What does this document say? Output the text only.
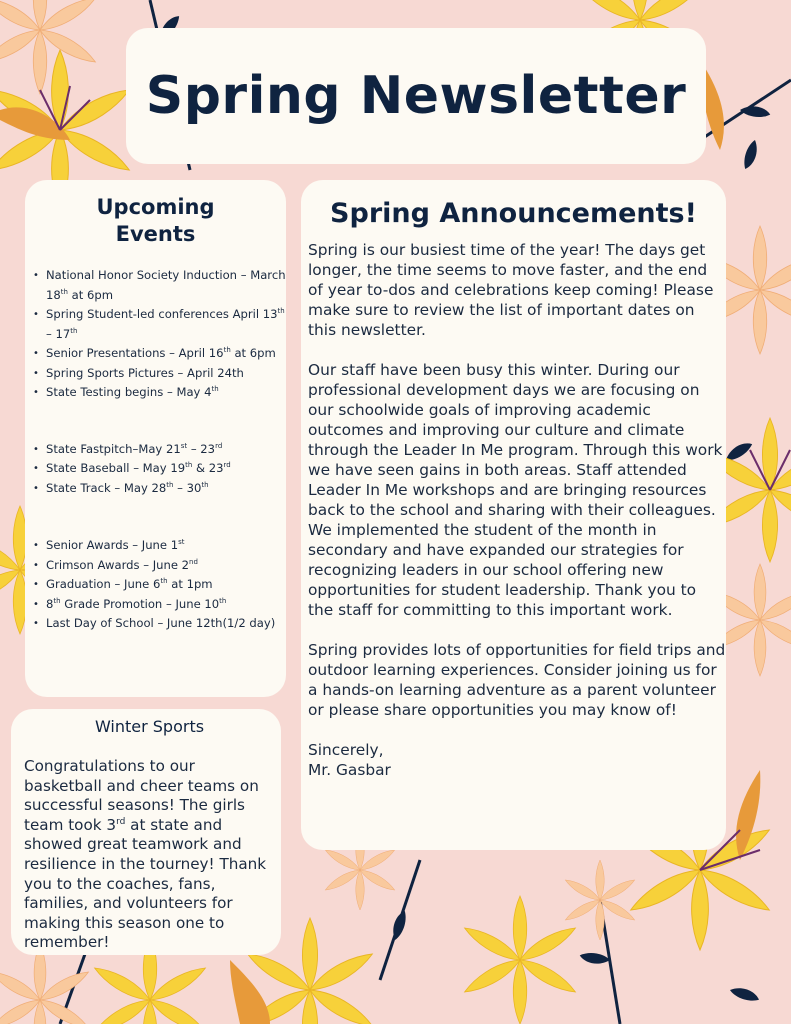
Spring Newsletter
Upcoming
Events
• National Honor Society Induction – March 18th at 6pm
• Spring Student-led conferences April 13th – 17th
• Senior Presentations – April 16th at 6pm
• Spring Sports Pictures – April 24th
• State Testing begins – May 4th
• State Fastpitch–May 21st – 23rd
• State Baseball – May 19th & 23rd
• State Track – May 28th – 30th
• Senior Awards – June 1st
• Crimson Awards – June 2nd
• Graduation – June 6th at 1pm
• 8th Grade Promotion – June 10th
• Last Day of School – June 12th(1/2 day)
Spring Announcements!

Spring is our busiest time of the year! The days get longer, the time seems to move faster, and the end of year to-dos and celebrations keep coming! Please make sure to review the list of important dates on this newsletter.

Our staff have been busy this winter. During our professional development days we are focusing on our schoolwide goals of improving academic outcomes and improving our culture and climate through the Leader In Me program. Through this work we have seen gains in both areas. Staff attended Leader In Me workshops and are bringing resources back to the school and sharing with their colleagues. We implemented the student of the month in secondary and have expanded our strategies for recognizing leaders in our school offering new opportunities for student leadership. Thank you to the staff for committing to this important work.

Spring provides lots of opportunities for field trips and outdoor learning experiences. Consider joining us for a hands-on learning adventure as a parent volunteer or please share opportunities you may know of!

Sincerely,
Mr. Gasbar

Winter Sports

Congratulations to our basketball and cheer teams on successful seasons! The girls team took 3rd at state and showed great teamwork and resilience in the tourney! Thank you to the coaches, fans, families, and volunteers for making this season one to remember!
